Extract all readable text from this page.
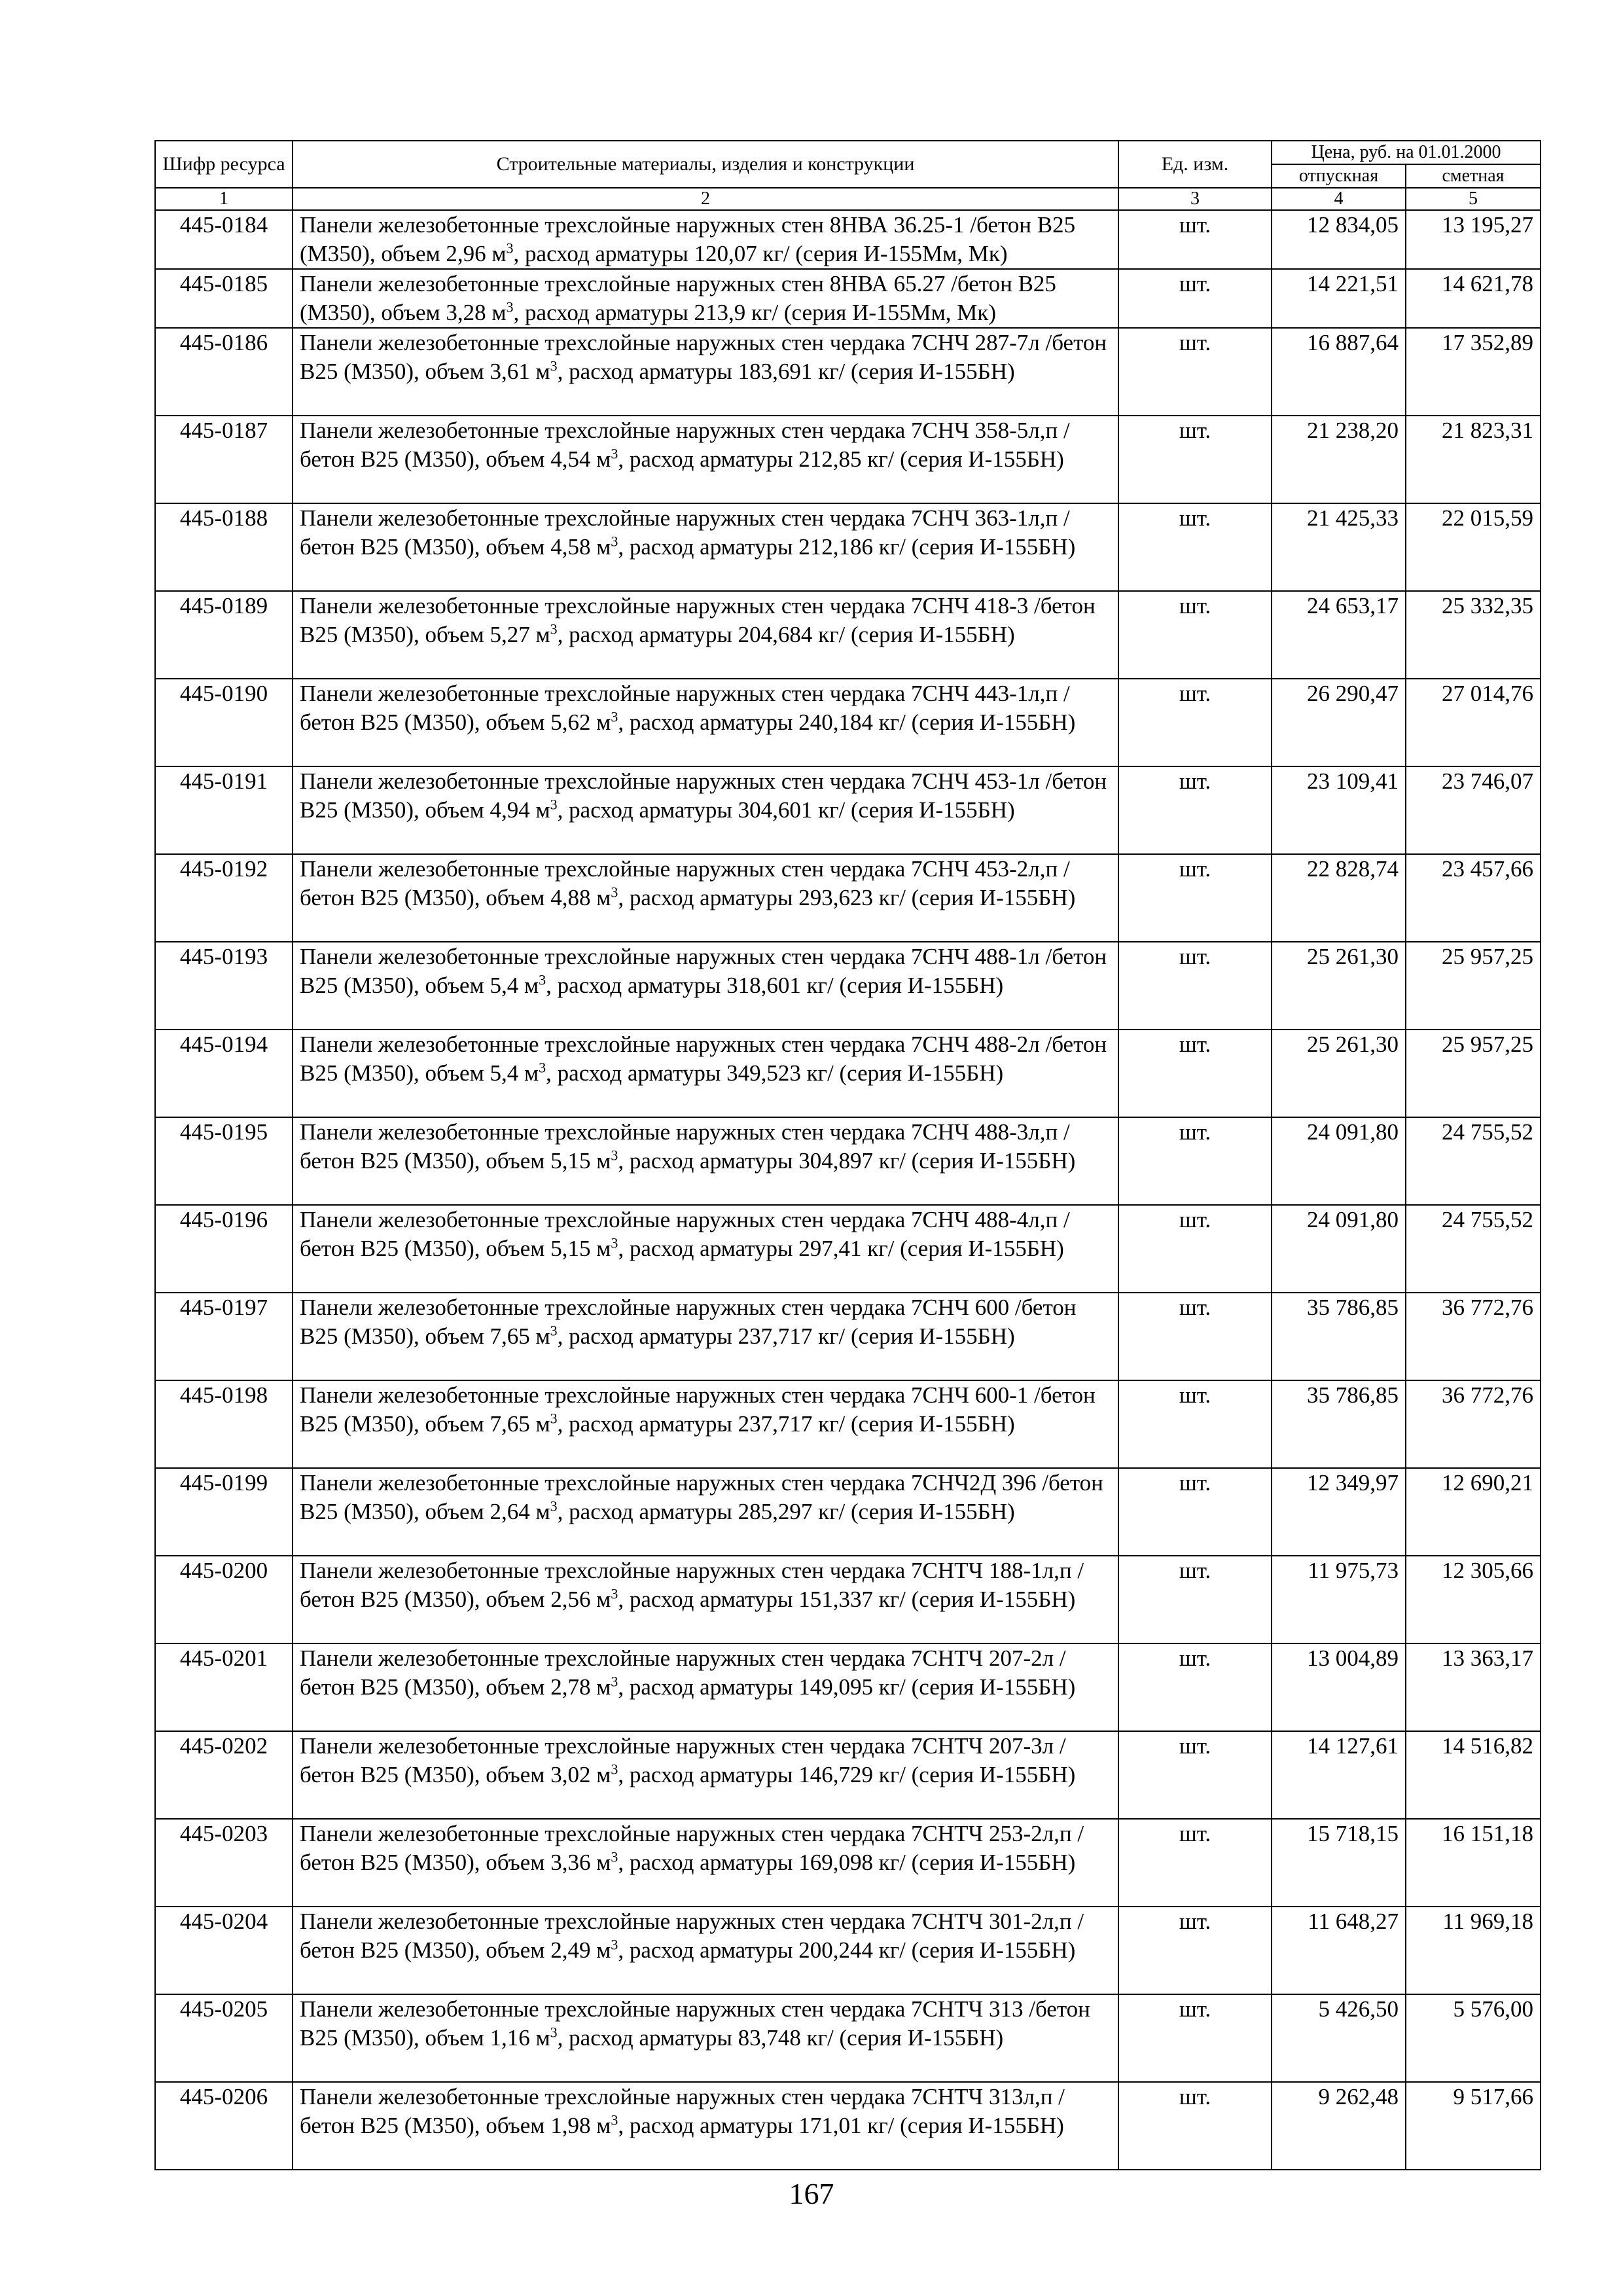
Шифр ресурса	Строительные материалы, изделия и конструкции	Ед. изм.	Цена, руб. на 01.01.2000	
			отпускная	сметная
1	2	3	4	5
445-0184	Панели железобетонные трехслойные наружных стен 8НВА 36.25-1 /бетон В25 (М350), объем 2,96 $м^3$, расход арматуры 120,07 кг/ (серия И-155Мм, Мк)	шт.	12 834,05	13 195,27
445-0185	Панели железобетонные трехслойные наружных стен 8НВА 65.27 /бетон В25 (М350), объем 3,28 $м^3$, расход арматуры 213,9 кг/ (серия И-155Мм, Мк)	шт.	14 221,51	14 621,78
445-0186	Панели железобетонные трехслойные наружных стен чердака 7СНЧ 287-7л /бетон В25 (М350), объем 3,61 $м^3$, расход арматуры 183,691 кг/ (серия И-155БН)	шт.	16 887,64	17 352,89
445-0187	Панели железобетонные трехслойные наружных стен чердака 7СНЧ 358-5л,п /бетон В25 (М350), объем 4,54 $м^3$, расход арматуры 212,85 кг/ (серия И-155БН)	шт.	21 238,20	21 823,31
445-0188	Панели железобетонные трехслойные наружных стен чердака 7СНЧ 363-1л,п /бетон В25 (М350), объем 4,58 $м^3$, расход арматуры 212,186 кг/ (серия И-155БН)	шт.	21 425,33	22 015,59
445-0189	Панели железобетонные трехслойные наружных стен чердака 7СНЧ 418-3 /бетон В25 (М350), объем 5,27 $м^3$, расход арматуры 204,684 кг/ (серия И-155БН)	шт.	24 653,17	25 332,35
445-0190	Панели железобетонные трехслойные наружных стен чердака 7СНЧ 443-1л,п /бетон В25 (М350), объем 5,62 $м^3$, расход арматуры 240,184 кг/ (серия И-155БН)	шт.	26 290,47	27 014,76
445-0191	Панели железобетонные трехслойные наружных стен чердака 7СНЧ 453-1л /бетон В25 (М350), объем 4,94 $м^3$, расход арматуры 304,601 кг/ (серия И-155БН)	шт.	23 109,41	23 746,07
445-0192	Панели железобетонные трехслойные наружных стен чердака 7СНЧ 453-2л,п /бетон В25 (М350), объем 4,88 $м^3$, расход арматуры 293,623 кг/ (серия И-155БН)	шт.	22 828,74	23 457,66
445-0193	Панели железобетонные трехслойные наружных стен чердака 7СНЧ 488-1л /бетон В25 (М350), объем 5,4 $м^3$, расход арматуры 318,601 кг/ (серия И-155БН)	шт.	25 261,30	25 957,25
445-0194	Панели железобетонные трехслойные наружных стен чердака 7СНЧ 488-2л /бетон В25 (М350), объем 5,4 $м^3$, расход арматуры 349,523 кг/ (серия И-155БН)	шт.	25 261,30	25 957,25
445-0195	Панели железобетонные трехслойные наружных стен чердака 7СНЧ 488-3л,п /бетон В25 (М350), объем 5,15 $м^3$, расход арматуры 304,897 кг/ (серия И-155БН)	шт.	24 091,80	24 755,52
445-0196	Панели железобетонные трехслойные наружных стен чердака 7СНЧ 488-4л,п /бетон В25 (М350), объем 5,15 $м^3$, расход арматуры 297,41 кг/ (серия И-155БН)	шт.	24 091,80	24 755,52
445-0197	Панели железобетонные трехслойные наружных стен чердака 7СНЧ 600 /бетон В25 (М350), объем 7,65 $м^3$, расход арматуры 237,717 кг/ (серия И-155БН)	шт.	35 786,85	36 772,76
445-0198	Панели железобетонные трехслойные наружных стен чердака 7СНЧ 600-1 /бетон В25 (М350), объем 7,65 $м^3$, расход арматуры 237,717 кг/ (серия И-155БН)	шт.	35 786,85	36 772,76
445-0199	Панели железобетонные трехслойные наружных стен чердака 7СНЧ2Д 396 /бетон В25 (М350), объем 2,64 $м^3$, расход арматуры 285,297 кг/ (серия И-155БН)	шт.	12 349,97	12 690,21
445-0200	Панели железобетонные трехслойные наружных стен чердака 7СНТЧ 188-1л,п /бетон В25 (М350), объем 2,56 $м^3$, расход арматуры 151,337 кг/ (серия И-155БН)	шт.	11 975,73	12 305,66
445-0201	Панели железобетонные трехслойные наружных стен чердака 7СНТЧ 207-2л /бетон В25 (М350), объем 2,78 $м^3$, расход арматуры 149,095 кг/ (серия И-155БН)	шт.	13 004,89	13 363,17
445-0202	Панели железобетонные трехслойные наружных стен чердака 7СНТЧ 207-3л /бетон В25 (М350), объем 3,02 $м^3$, расход арматуры 146,729 кг/ (серия И-155БН)	шт.	14 127,61	14 516,82
445-0203	Панели железобетонные трехслойные наружных стен чердака 7СНТЧ 253-2л,п /бетон В25 (М350), объем 3,36 $м^3$, расход арматуры 169,098 кг/ (серия И-155БН)	шт.	15 718,15	16 151,18
445-0204	Панели железобетонные трехслойные наружных стен чердака 7СНТЧ 301-2л,п /бетон В25 (М350), объем 2,49 $м^3$, расход арматуры 200,244 кг/ (серия И-155БН)	шт.	11 648,27	11 969,18
445-0205	Панели железобетонные трехслойные наружных стен чердака 7СНТЧ 313 /бетон В25 (М350), объем 1,16 $м^3$, расход арматуры 83,748 кг/ (серия И-155БН)	шт.	5 426,50	5 576,00
445-0206	Панели железобетонные трехслойные наружных стен чердака 7СНТЧ 313л,п /бетон В25 (М350), объем 1,98 $м^3$, расход арматуры 171,01 кг/ (серия И-155БН)	шт.	9 262,48	9 517,66
167
